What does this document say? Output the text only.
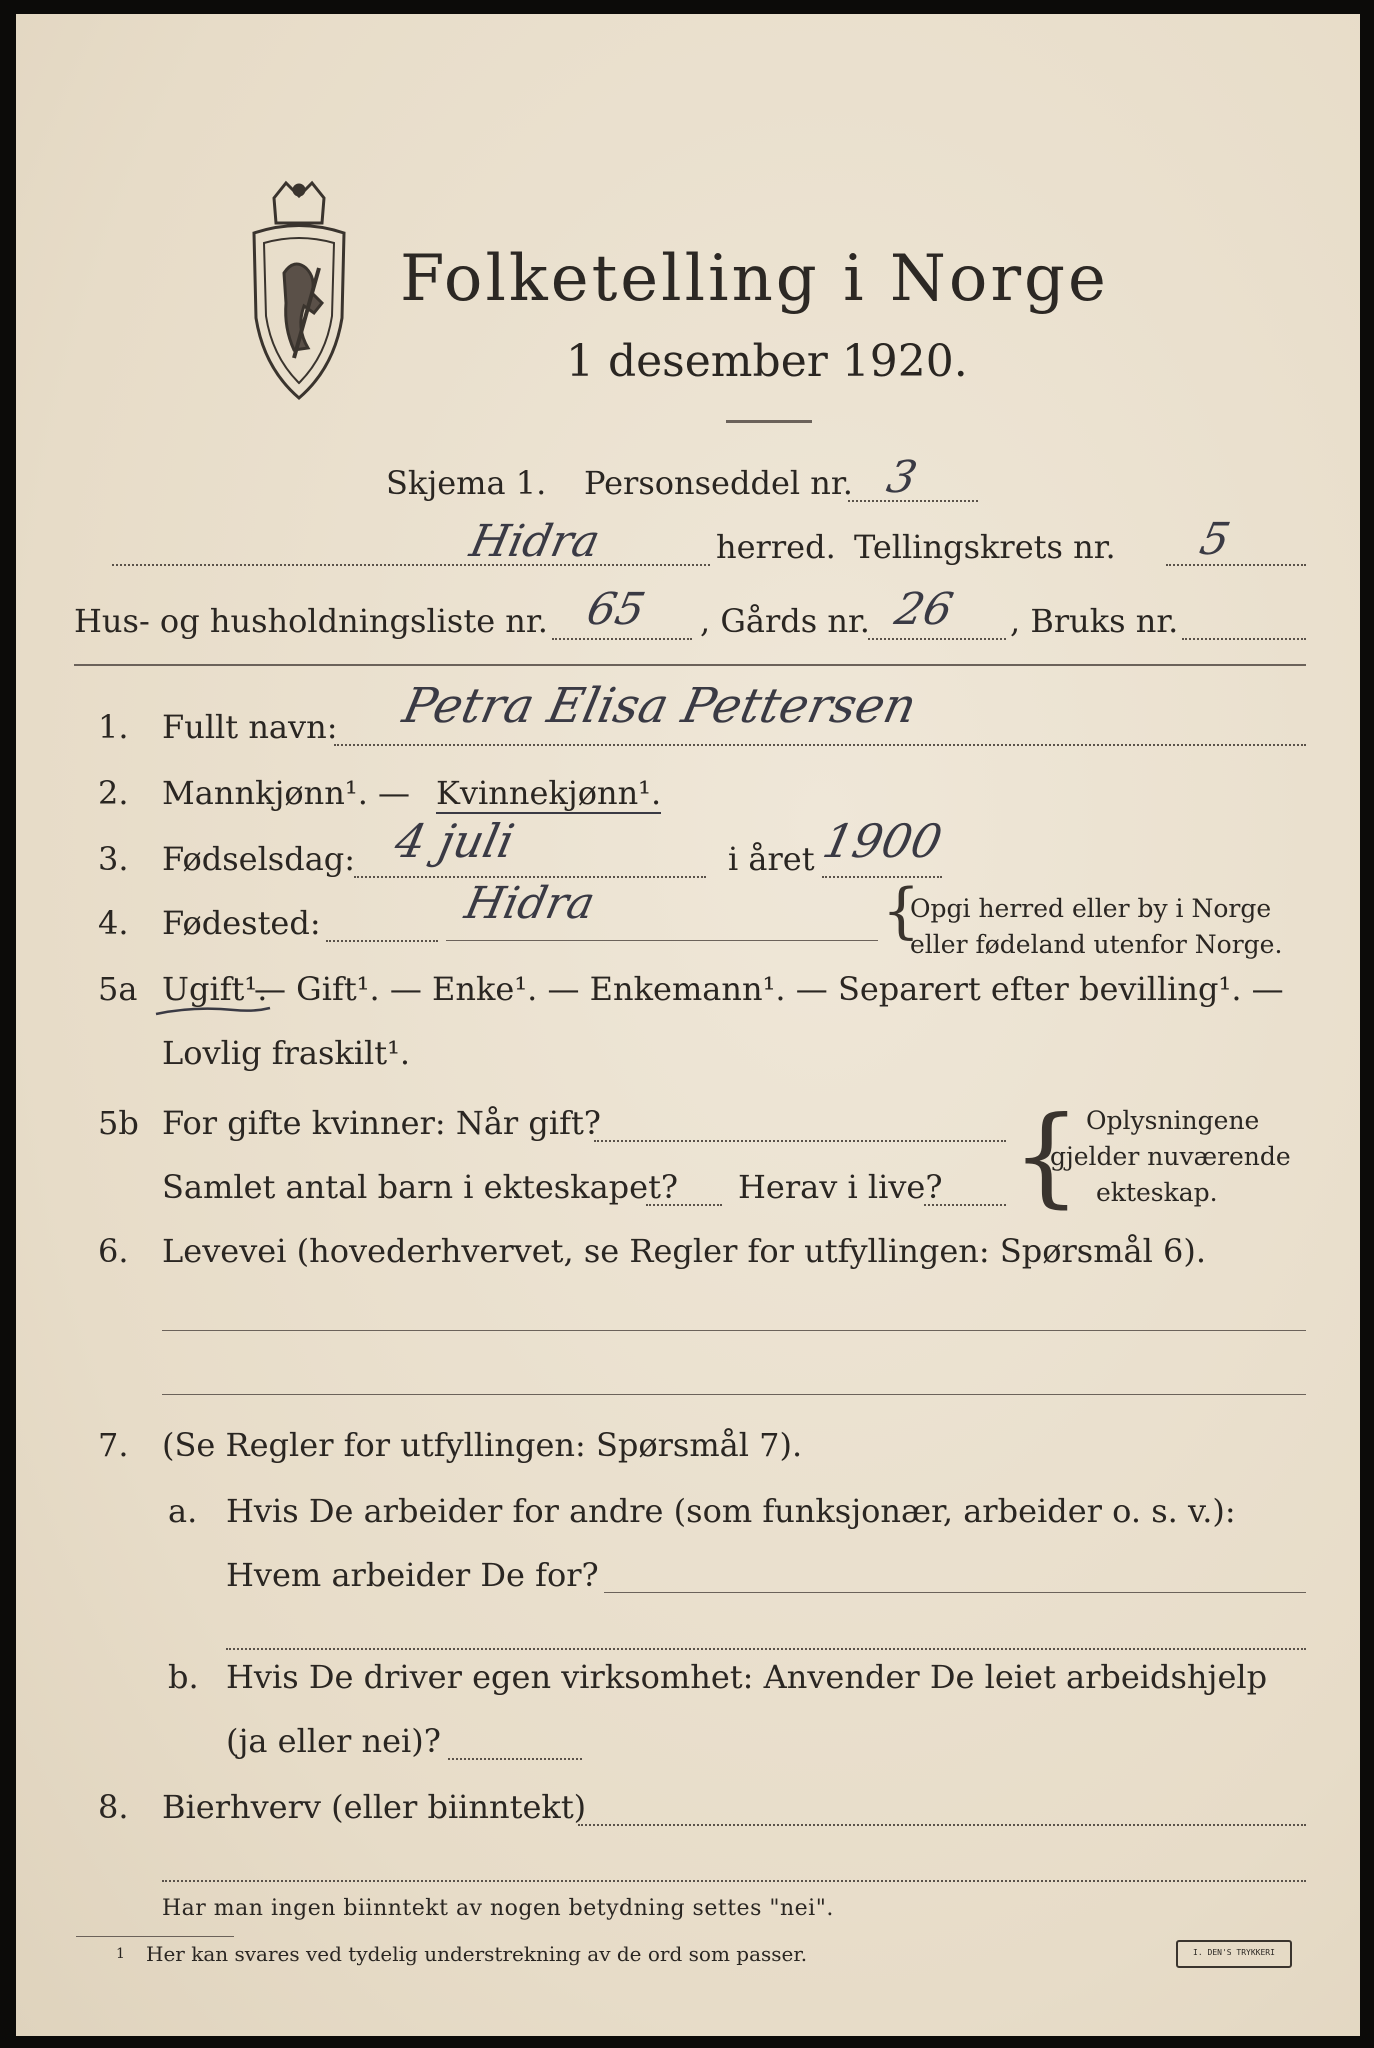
Folketelling i Norge
1 desember 1920.
Skjema 1. Personseddel nr. 3
Hidra	herred. Tellingskrets nr. 5
Hus- og husholdningsliste nr. 65 , Gårds nr. 26 , Bruks nr.
1. Fullt navn: Petra Elisa Pettersen
2. Mannkjønn¹. — Kvinnekjønn¹.
3. Fødselsdag: 4 juli	i året 1900
4. Fødested:	Hidra	{
Opgi herred eller by i Norge
eller fødeland utenfor Norge.
5a Ugift¹.
— Gift¹. — Enke¹. — Enkemann¹. — Separert efter bevilling¹. —
Lovlig fraskilt¹.
5b For gifte kvinner: Når gift?
Samlet antal barn i ekteskapet? Herav i live? { Oplysningene
gjelder nuværende
ekteskap.
6. Levevei (hovederhvervet, se Regler for utfyllingen: Spørsmål 6).
7. (Se Regler for utfyllingen: Spørsmål 7).
a. Hvis De arbeider for andre (som funksjonær, arbeider o. s. v.):
Hvem arbeider De for?
b. Hvis De driver egen virksomhet: Anvender De leiet arbeidshjelp
(ja eller nei)?
8. Bierhverv (eller biinntekt)
Har man ingen biinntekt av nogen betydning settes "nei".
1 Her kan svares ved tydelig understrekning av de ord som passer.	I. DEN'S TRYKKERI
